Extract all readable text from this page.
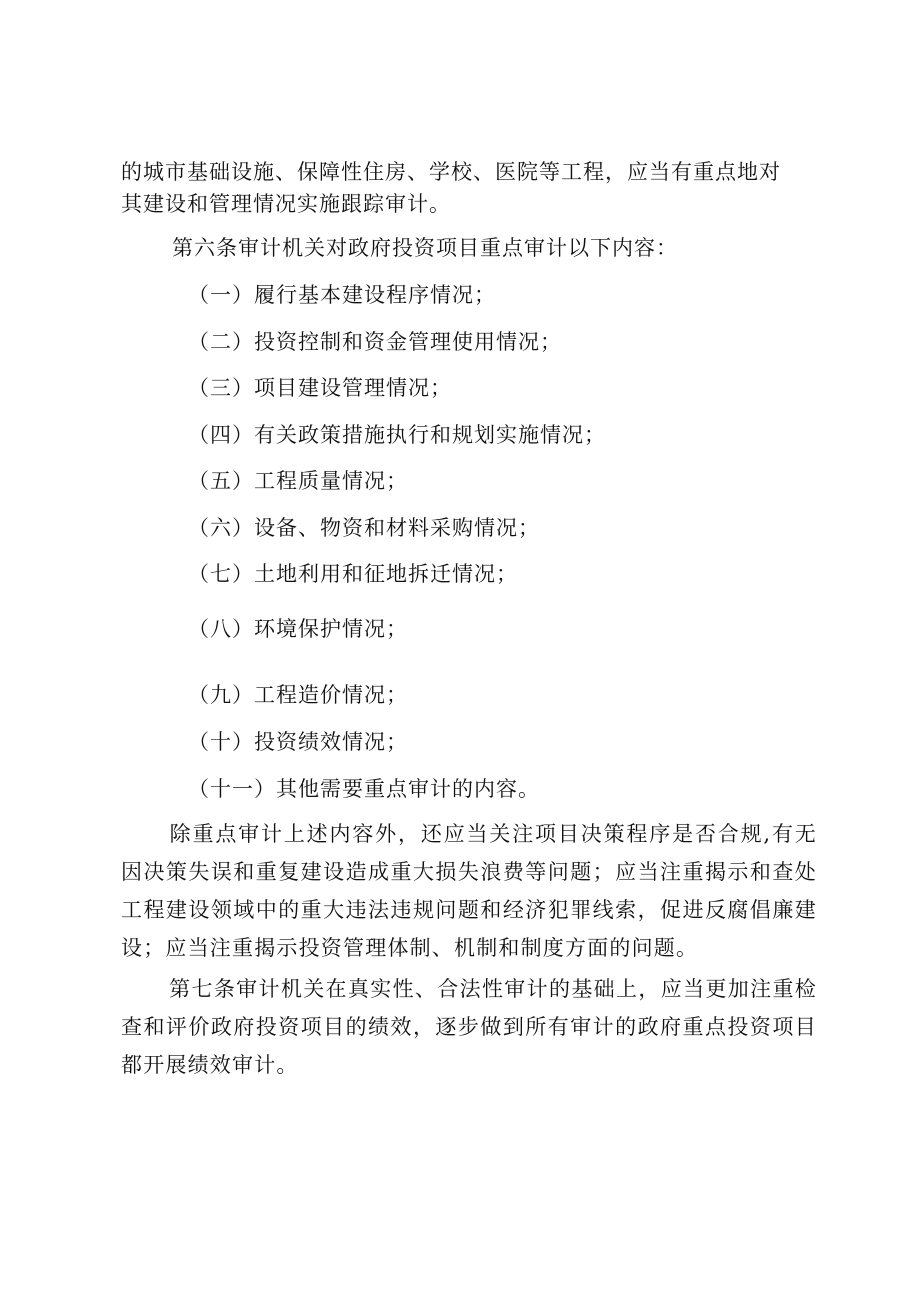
的城市基础设施、保障性住房、学校、医院等工程，应当有重点地对
其建设和管理情况实施跟踪审计。
第六条审计机关对政府投资项目重点审计以下内容：
（一）履行基本建设程序情况；
（二）投资控制和资金管理使用情况；
（三）项目建设管理情况；
（四）有关政策措施执行和规划实施情况；
（五）工程质量情况；
（六）设备、物资和材料采购情况；
（七）土地利用和征地拆迁情况；
（八）环境保护情况；
（九）工程造价情况；
（十）投资绩效情况；
（十一）其他需要重点审计的内容。
除重点审计上述内容外，还应当关注项目决策程序是否合规,有无因决策失误和重复建设造成重大损失浪费等问题；应当注重揭示和查处工程建设领域中的重大违法违规问题和经济犯罪线索，促进反腐倡廉建设；应当注重揭示投资管理体制、机制和制度方面的问题。
第七条审计机关在真实性、合法性审计的基础上，应当更加注重检查和评价政府投资项目的绩效，逐步做到所有审计的政府重点投资项目都开展绩效审计。
